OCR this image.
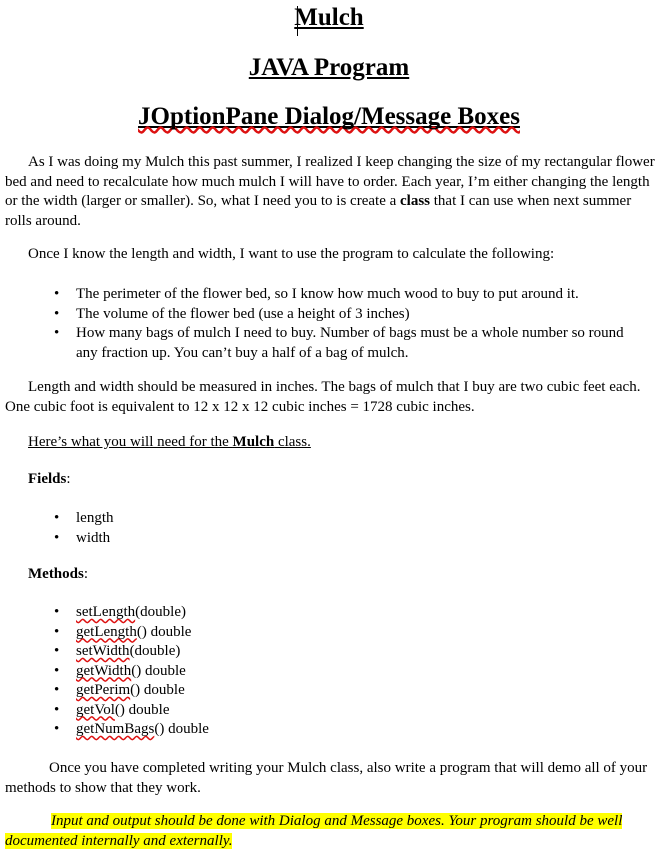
Mulch
JAVA Program
JOptionPane Dialog/Message Boxes

As I was doing my Mulch this past summer, I realized I keep changing the size of my rectangular flower bed and need to recalculate how much mulch I will have to order. Each year, I’m either changing the length or the width (larger or smaller). So, what I need you to is create a class that I can use when next summer rolls around.

Once I know the length and width, I want to use the program to calculate the following:

• The perimeter of the flower bed, so I know how much wood to buy to put around it.
• The volume of the flower bed (use a height of 3 inches)
• How many bags of mulch I need to buy. Number of bags must be a whole number so round any fraction up. You can’t buy a half of a bag of mulch.

Length and width should be measured in inches. The bags of mulch that I buy are two cubic feet each. One cubic foot is equivalent to 12 x 12 x 12 cubic inches = 1728 cubic inches.

Here’s what you will need for the Mulch class.
Fields:
• length
• width
Methods:
• setLength(double)
• getLength() double
• setWidth(double)
• getWidth() double
• getPerim() double
• getVol() double
• getNumBags() double

Once you have completed writing your Mulch class, also write a program that will demo all of your methods to show that they work.

Input and output should be done with Dialog and Message boxes. Your program should be well documented internally and externally.
